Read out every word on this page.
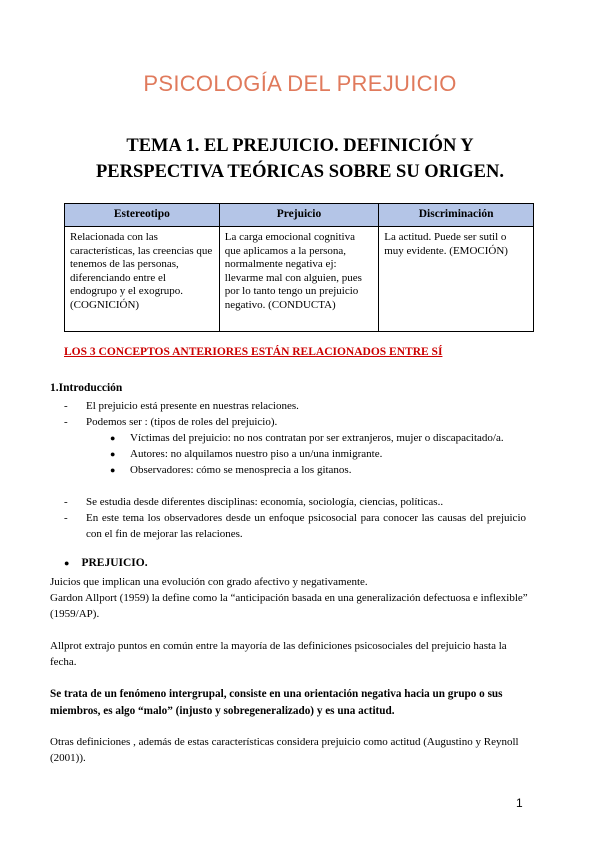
PSICOLOGÍA DEL PREJUICIO
TEMA 1. EL PREJUICIO. DEFINICIÓN Y
PERSPECTIVA TEÓRICAS SOBRE SU ORIGEN.
Estereotipo	Prejuicio	Discriminación
Relacionada con las características, las creencias que tenemos de las personas, diferenciando entre el endogrupo y el exogrupo. (COGNICIÓN)	La carga emocional cognitiva que aplicamos a la persona, normalmente negativa ej: llevarme mal con alguien, pues por lo tanto tengo un prejuicio negativo. (CONDUCTA)	La actitud. Puede ser sutil o muy evidente. (EMOCIÓN)

LOS 3 CONCEPTOS ANTERIORES ESTÁN RELACIONADOS ENTRE SÍ

1.Introducción

- El prejuicio está presente en nuestras relaciones.
- Podemos ser : (tipos de roles del prejuicio).
● Víctimas del prejuicio: no nos contratan por ser extranjeros, mujer o discapacitado/a.
● Autores: no alquilamos nuestro piso a un/una inmigrante.
● Observadores: cómo se menosprecia a los gitanos.
- Se estudia desde diferentes disciplinas: economía, sociología, ciencias, políticas..
- En este tema los observadores desde un enfoque psicosocial para conocer las causas del prejuicio con el fin de mejorar las relaciones.

● PREJUICIO.

Juicios que implican una evolución con grado afectivo y negativamente.

Gardon Allport (1959) la define como la “anticipación basada en una generalización defectuosa e inflexible” (1959/AP).

Allprot extrajo puntos en común entre la mayoría de las definiciones psicosociales del prejuicio hasta la fecha.

Se trata de un fenómeno intergrupal, consiste en una orientación negativa hacia un grupo o sus miembros, es algo “malo” (injusto y sobregeneralizado) y es una actitud.

Otras definiciones , además de estas características considera prejuicio como actitud (Augustino y Reynoll (2001)).

1
